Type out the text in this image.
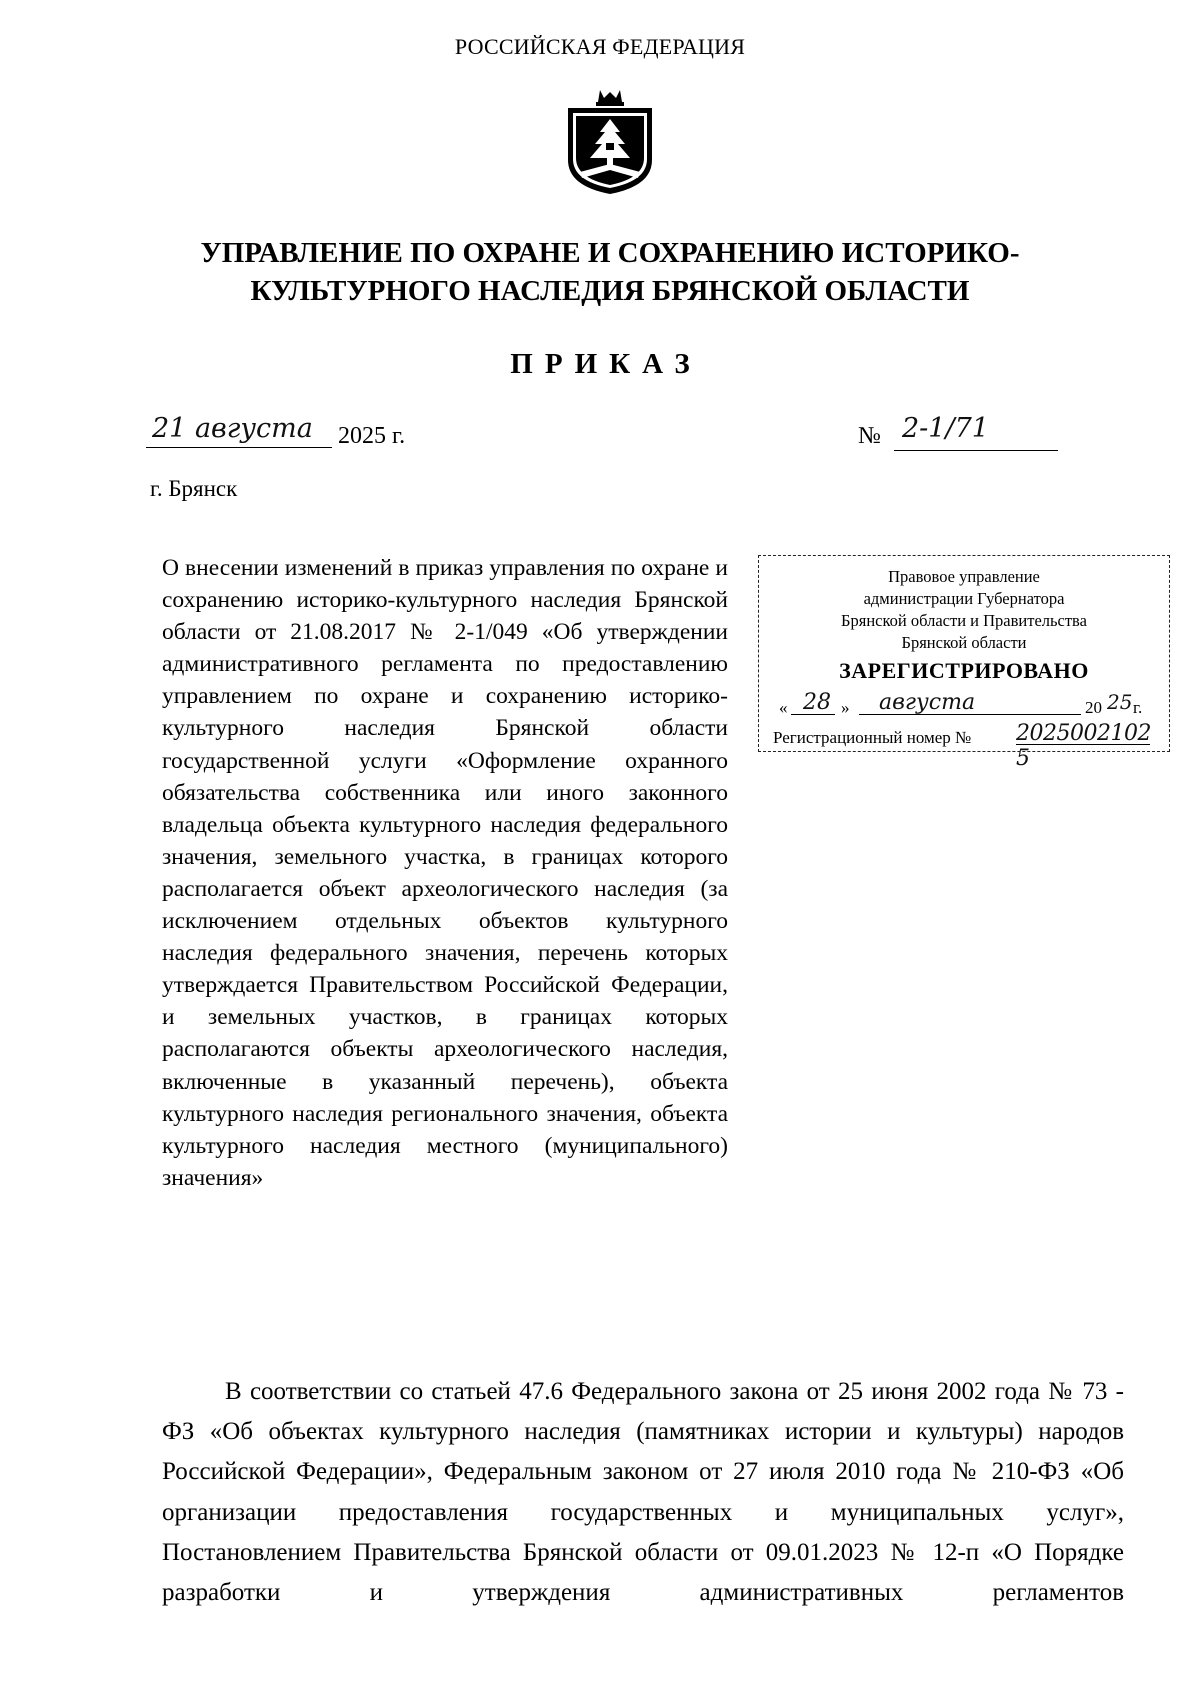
РОССИЙСКАЯ ФЕДЕРАЦИЯ
УПРАВЛЕНИЕ ПО ОХРАНЕ И СОХРАНЕНИЮ ИСТОРИКО-
КУЛЬТУРНОГО НАСЛЕДИЯ БРЯНСКОЙ ОБЛАСТИ
ПРИКАЗ
21 августа 2025 г.	№ 2-1/71
г. Брянск
О внесении изменений в приказ управления по охране и сохранению историко-культурного наследия Брянской области от 21.08.2017 № 2-1/049 «Об утверждении административного регламента по предоставлению управлением по охране и сохранению историко-культурного наследия Брянской области государственной услуги «Оформление охранного обязательства собственника или иного законного владельца объекта культурного наследия федерального значения, земельного участка, в границах которого располагается объект археологического наследия (за исключением отдельных объектов культурного наследия федерального значения, перечень которых утверждается Правительством Российской Федерации, и земельных участков, в границах которых располагаются объекты археологического наследия, включенные в указанный перечень), объекта культурного наследия регионального значения, объекта культурного наследия местного (муниципального) значения»
Правовое управление
администрации Губернатора
Брянской области и Правительства
Брянской области
ЗАРЕГИСТРИРОВАНО
« 28 » августа	20 25 г.
Регистрационный номер № 2025002102 5
В соответствии со статьей 47.6 Федерального закона от 25 июня 2002 года № 73 - ФЗ «Об объектах культурного наследия (памятниках истории и культуры) народов Российской Федерации», Федеральным законом от 27 июля 2010 года № 210-ФЗ «Об организации предоставления государственных и муниципальных услуг», Постановлением Правительства Брянской области от 09.01.2023 № 12-п «О Порядке разработки и утверждения административных регламентов
